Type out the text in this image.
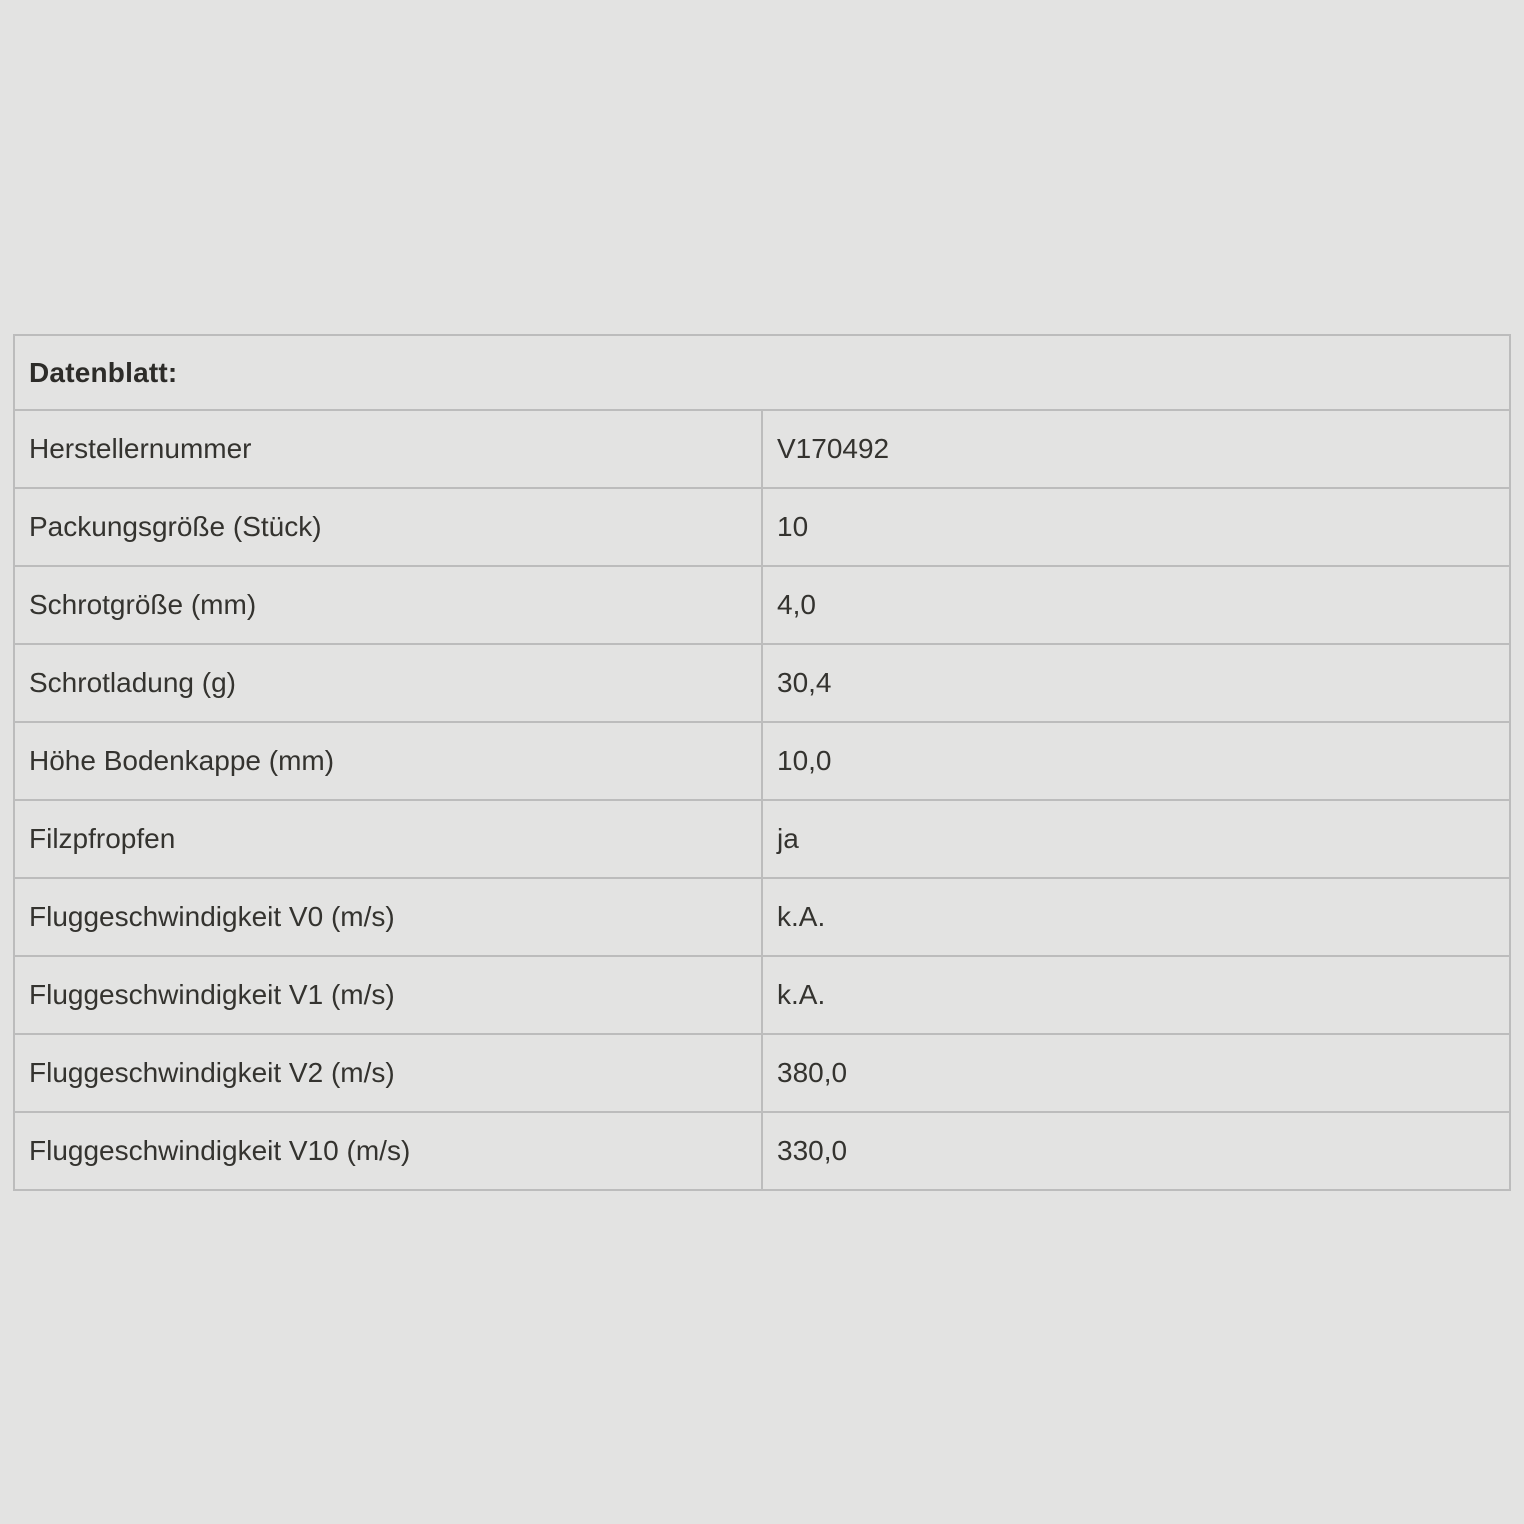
Datenblatt:	
Herstellernummer	V170492
Packungsgröße (Stück)	10
Schrotgröße (mm)	4,0
Schrotladung (g)	30,4
Höhe Bodenkappe (mm)	10,0
Filzpfropfen	ja
Fluggeschwindigkeit V0 (m/s)	k.A.
Fluggeschwindigkeit V1 (m/s)	k.A.
Fluggeschwindigkeit V2 (m/s)	380,0
Fluggeschwindigkeit V10 (m/s)	330,0
